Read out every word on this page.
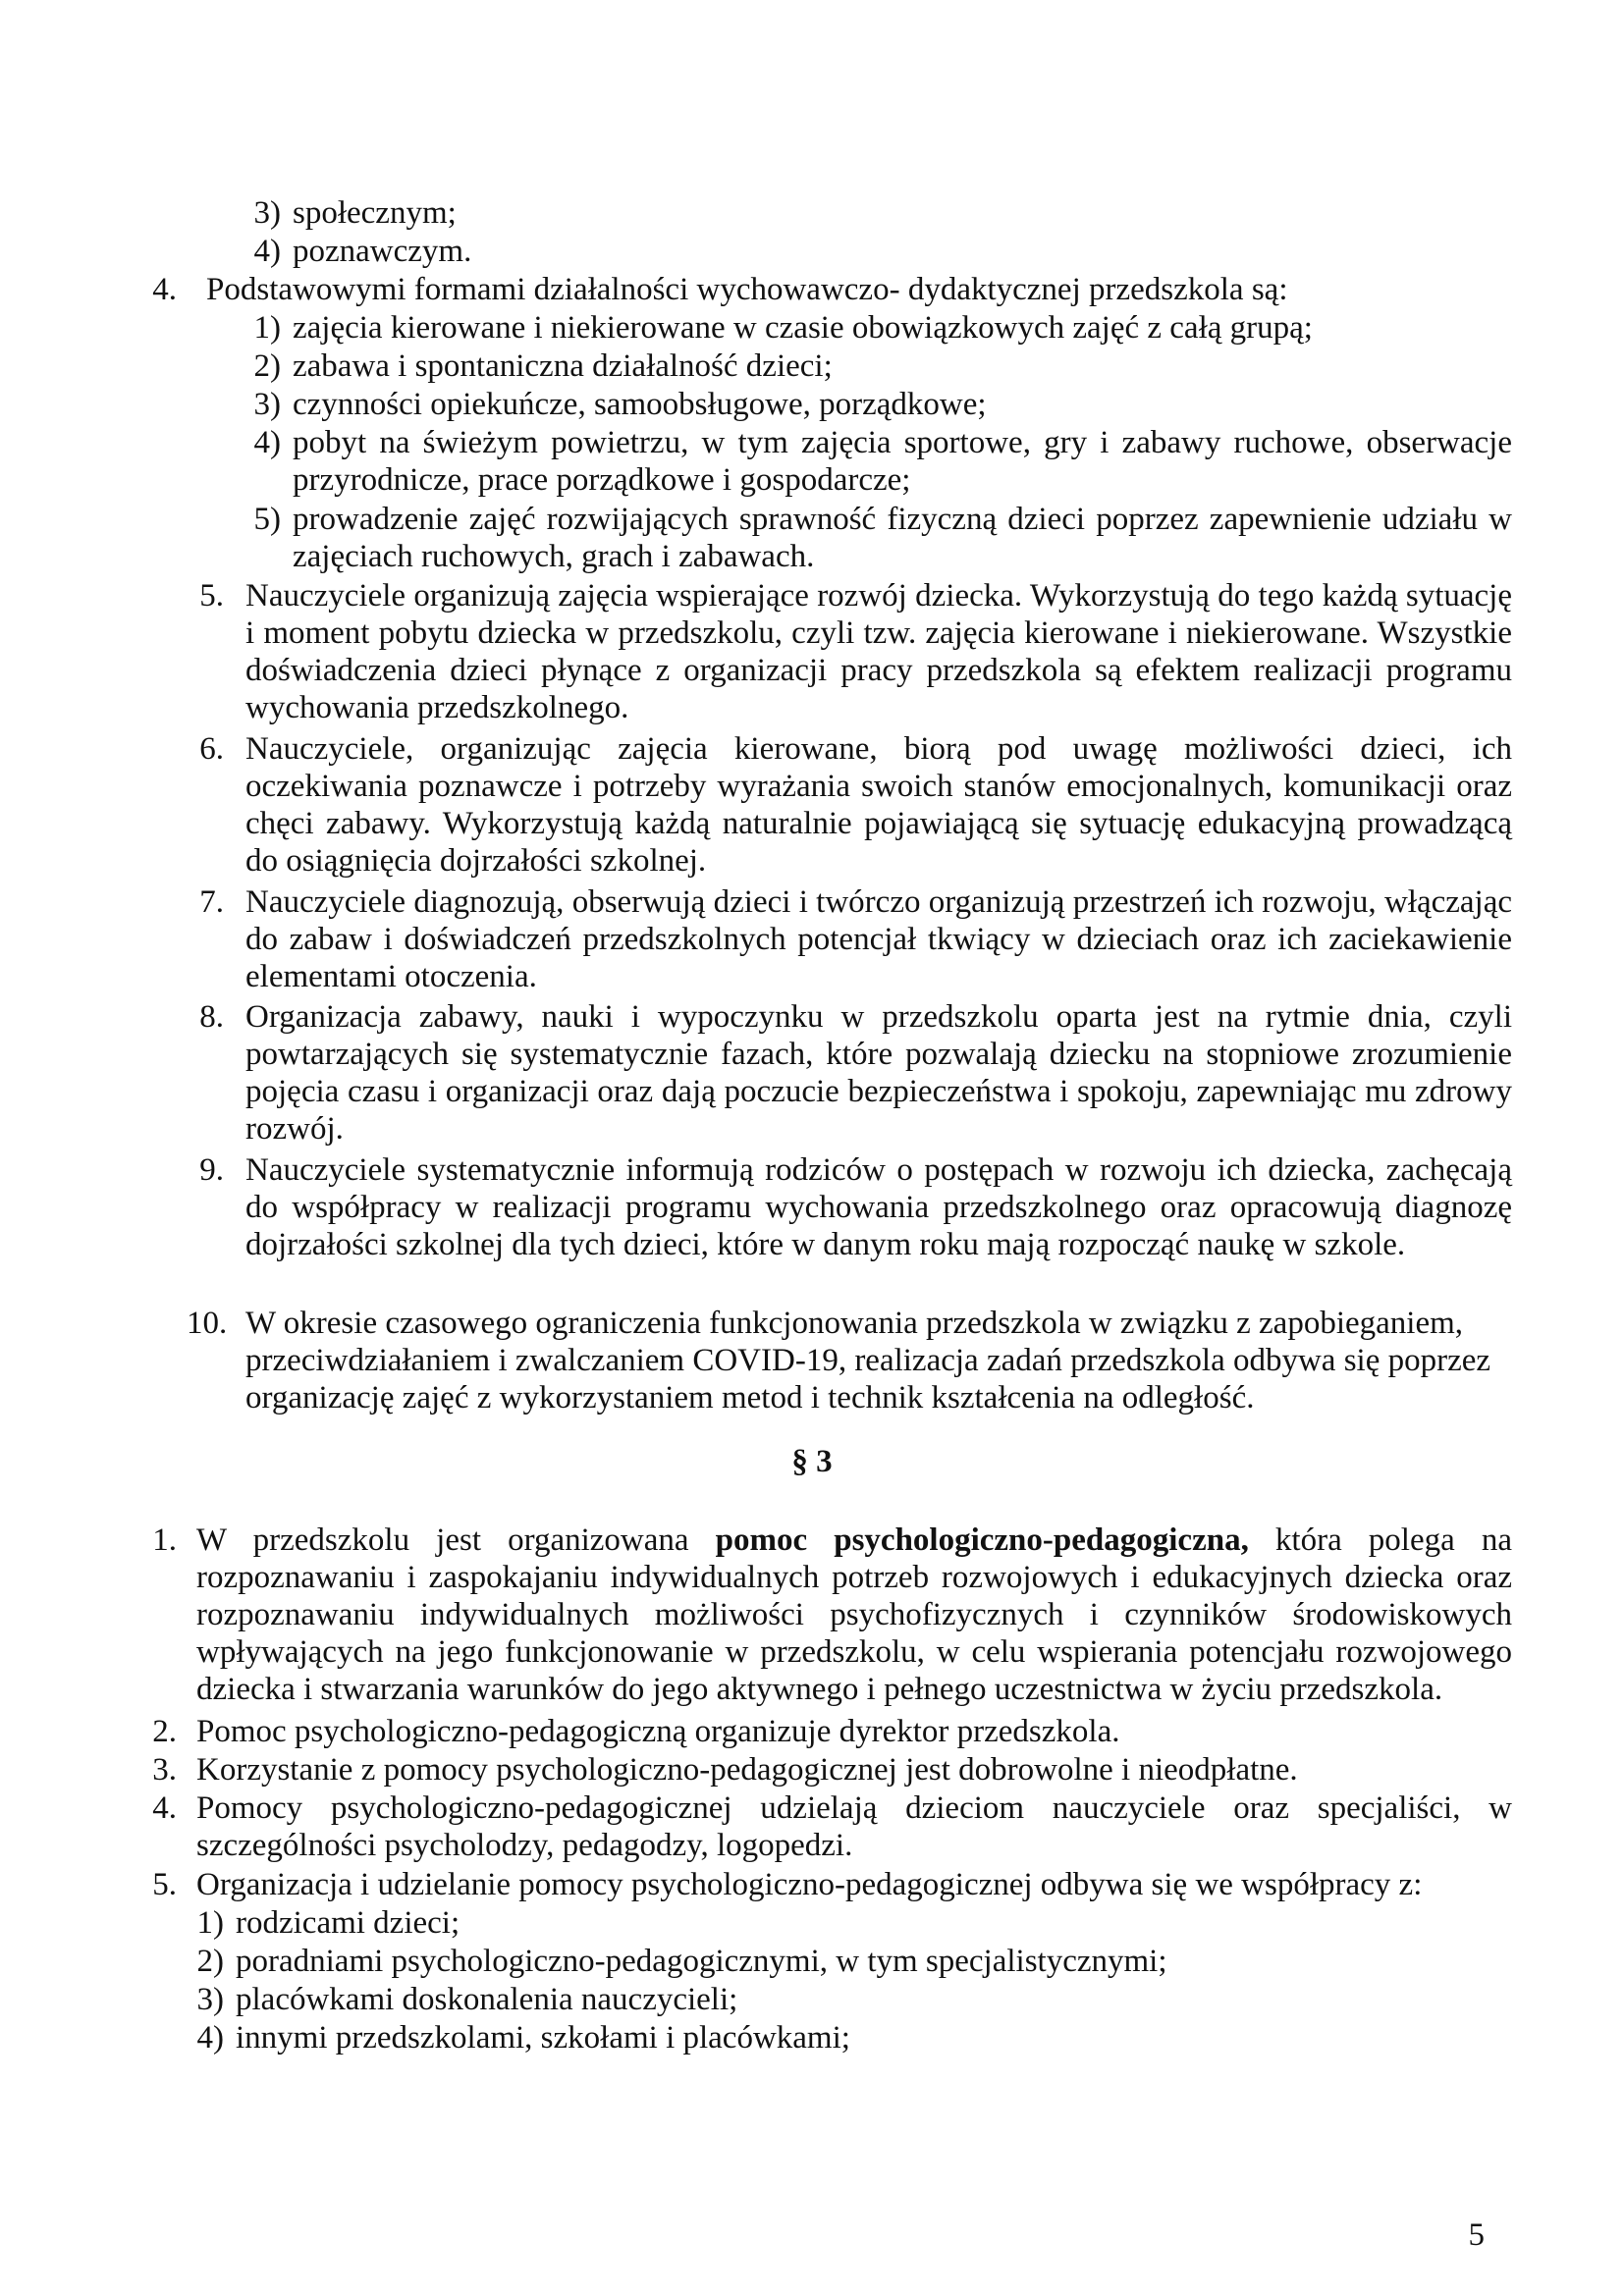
3) społecznym;
4) poznawczym.
4. Podstawowymi formami działalności wychowawczo- dydaktycznej przedszkola są:
1) zajęcia kierowane i niekierowane w czasie obowiązkowych zajęć z całą grupą;
2) zabawa i spontaniczna działalność dzieci;
3) czynności opiekuńcze, samoobsługowe, porządkowe;
4) pobyt na świeżym powietrzu, w tym zajęcia sportowe, gry i zabawy ruchowe, obserwacje przyrodnicze, prace porządkowe i gospodarcze;
5) prowadzenie zajęć rozwijających sprawność fizyczną dzieci poprzez zapewnienie udziału w zajęciach ruchowych, grach i zabawach.
5. Nauczyciele organizują zajęcia wspierające rozwój dziecka. Wykorzystują do tego każdą sytuację i moment pobytu dziecka w przedszkolu, czyli tzw. zajęcia kierowane i niekierowane. Wszystkie doświadczenia dzieci płynące z organizacji pracy przedszkola są efektem realizacji programu wychowania przedszkolnego.
6. Nauczyciele, organizując zajęcia kierowane, biorą pod uwagę możliwości dzieci, ich oczekiwania poznawcze i potrzeby wyrażania swoich stanów emocjonalnych, komunikacji oraz chęci zabawy. Wykorzystują każdą naturalnie pojawiającą się sytuację edukacyjną prowadzącą do osiągnięcia dojrzałości szkolnej.
7. Nauczyciele diagnozują, obserwują dzieci i twórczo organizują przestrzeń ich rozwoju, włączając do zabaw i doświadczeń przedszkolnych potencjał tkwiący w dzieciach oraz ich zaciekawienie elementami otoczenia.
8. Organizacja zabawy, nauki i wypoczynku w przedszkolu oparta jest na rytmie dnia, czyli powtarzających się systematycznie fazach, które pozwalają dziecku na stopniowe zrozumienie pojęcia czasu i organizacji oraz dają poczucie bezpieczeństwa i spokoju, zapewniając mu zdrowy rozwój.
9. Nauczyciele systematycznie informują rodziców o postępach w rozwoju ich dziecka, zachęcają do współpracy w realizacji programu wychowania przedszkolnego oraz opracowują diagnozę dojrzałości szkolnej dla tych dzieci, które w danym roku mają rozpocząć naukę w szkole.
10. W okresie czasowego ograniczenia funkcjonowania przedszkola w związku z zapobieganiem, przeciwdziałaniem i zwalczaniem COVID-19, realizacja zadań przedszkola odbywa się poprzez organizację zajęć z wykorzystaniem metod i technik kształcenia na odległość.
§ 3
1. W przedszkolu jest organizowana pomoc psychologiczno-pedagogiczna, która polega na rozpoznawaniu i zaspokajaniu indywidualnych potrzeb rozwojowych i edukacyjnych dziecka oraz rozpoznawaniu indywidualnych możliwości psychofizycznych i czynników środowiskowych wpływających na jego funkcjonowanie w przedszkolu, w celu wspierania potencjału rozwojowego dziecka i stwarzania warunków do jego aktywnego i pełnego uczestnictwa w życiu przedszkola.
2. Pomoc psychologiczno-pedagogiczną organizuje dyrektor przedszkola.
3. Korzystanie z pomocy psychologiczno-pedagogicznej jest dobrowolne i nieodpłatne.
4. Pomocy psychologiczno-pedagogicznej udzielają dzieciom nauczyciele oraz specjaliści, w szczególności psycholodzy, pedagodzy, logopedzi.
5. Organizacja i udzielanie pomocy psychologiczno-pedagogicznej odbywa się we współpracy z:
1) rodzicami dzieci;
2) poradniami psychologiczno-pedagogicznymi, w tym specjalistycznymi;
3) placówkami doskonalenia nauczycieli;
4) innymi przedszkolami, szkołami i placówkami;
5
